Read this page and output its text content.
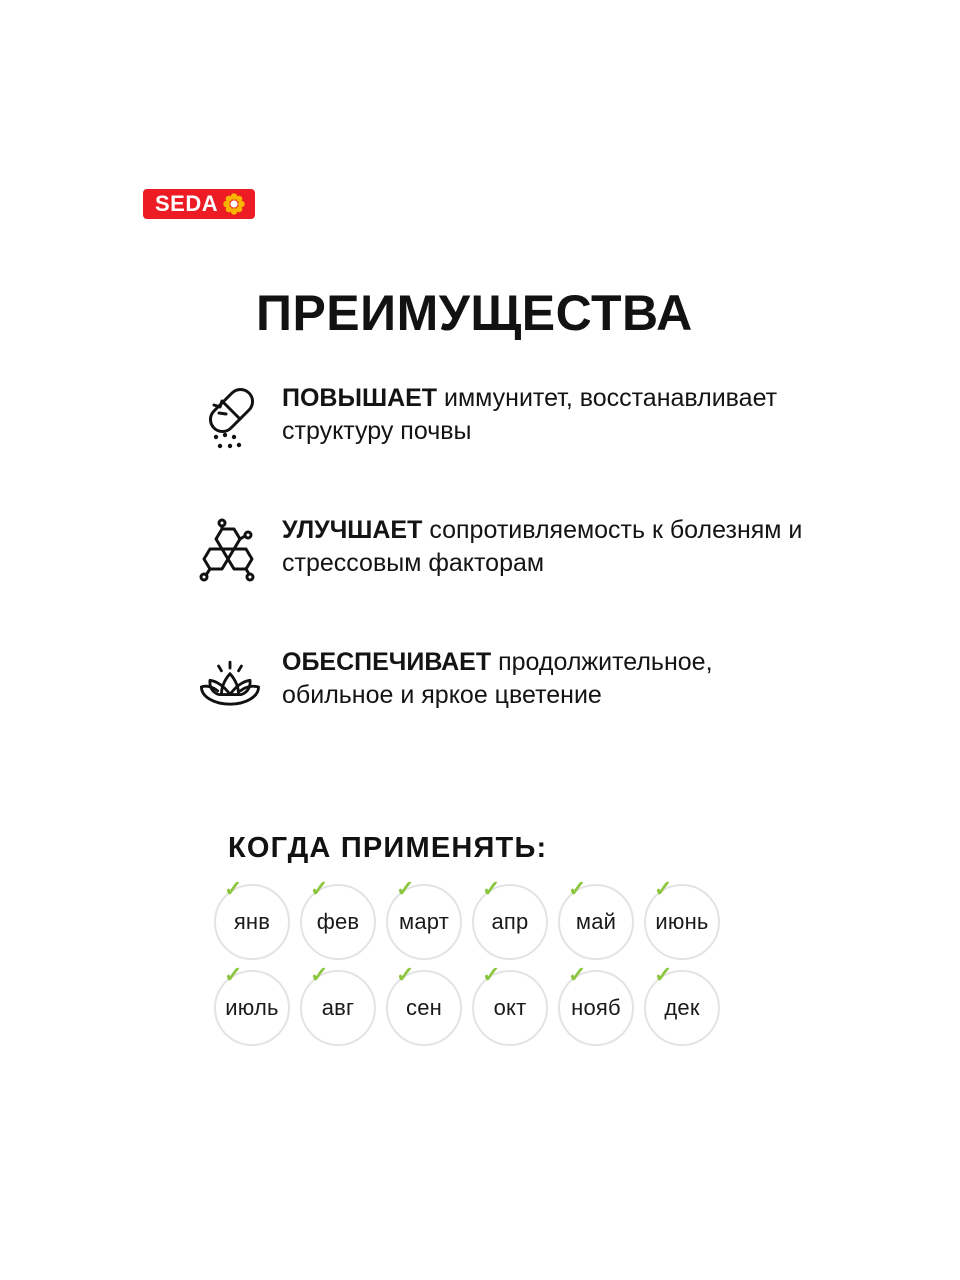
SEDA
ПРЕИМУЩЕСТВА
ПОВЫШАЕТ иммунитет, восстанавливает структуру почвы
УЛУЧШАЕТ сопротивляемость к болезням и стрессовым факторам
ОБЕСПЕЧИВАЕТ продолжительное, обильное и яркое цветение
КОГДА ПРИМЕНЯТЬ:
✓
янв
✓
фев
✓
март
✓
апр
✓
май
✓
июнь
✓
июль
✓
авг
✓
сен
✓
окт
✓
нояб
✓
дек
